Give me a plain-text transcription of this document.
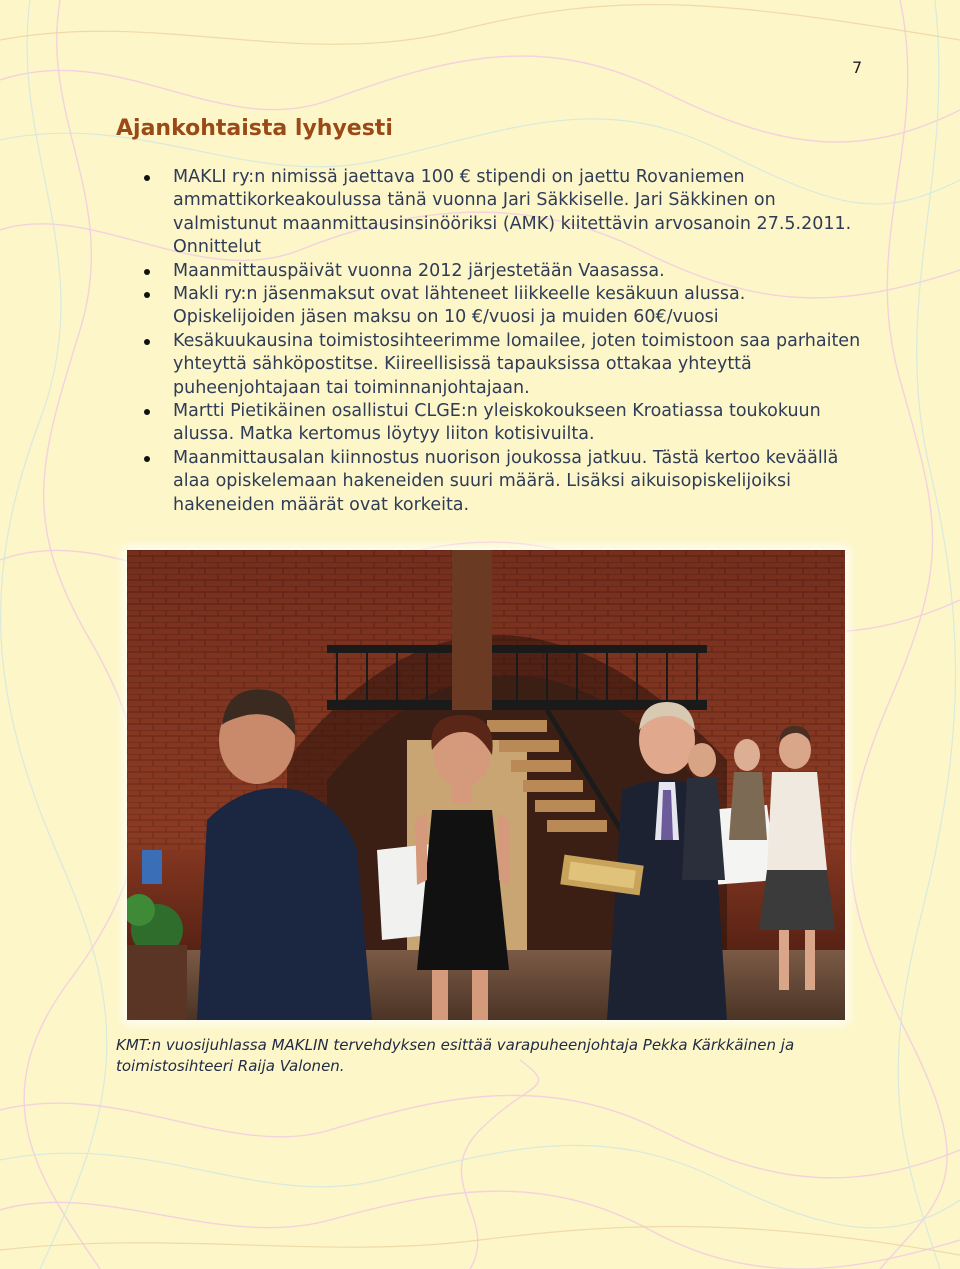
7
Ajankohtaista lyhyesti
MAKLI ry:n nimissä jaettava 100 € stipendi on jaettu Rovaniemen ammattikorkeakoulussa tänä vuonna Jari Säkkiselle. Jari Säkkinen on valmistunut maanmittausinsinööriksi (AMK) kiitettävin arvosanoin 27.5.2011. Onnittelut
Maanmittauspäivät vuonna 2012 järjestetään Vaasassa.
Makli ry:n jäsenmaksut ovat lähteneet liikkeelle kesäkuun alussa.
Opiskelijoiden jäsen maksu on 10 €/vuosi ja muiden 60€/vuosi
Kesäkuukausina toimistosihteerimme lomailee, joten toimistoon saa parhaiten yhteyttä sähköpostitse. Kiireellisissä tapauksissa ottakaa yhteyttä puheenjohtajaan tai toiminnanjohtajaan.
Martti Pietikäinen osallistui CLGE:n yleiskokoukseen Kroatiassa toukokuun alussa. Matka kertomus löytyy liiton kotisivuilta.
Maanmittausalan kiinnostus nuorison joukossa jatkuu. Tästä kertoo keväällä alaa opiskelemaan hakeneiden suuri määrä. Lisäksi aikuisopiskelijoiksi hakeneiden määrät ovat korkeita.

KMT:n vuosijuhlassa MAKLIN tervehdyksen esittää varapuheenjohtaja Pekka Kärkkäinen ja toimistosihteeri Raija Valonen.
